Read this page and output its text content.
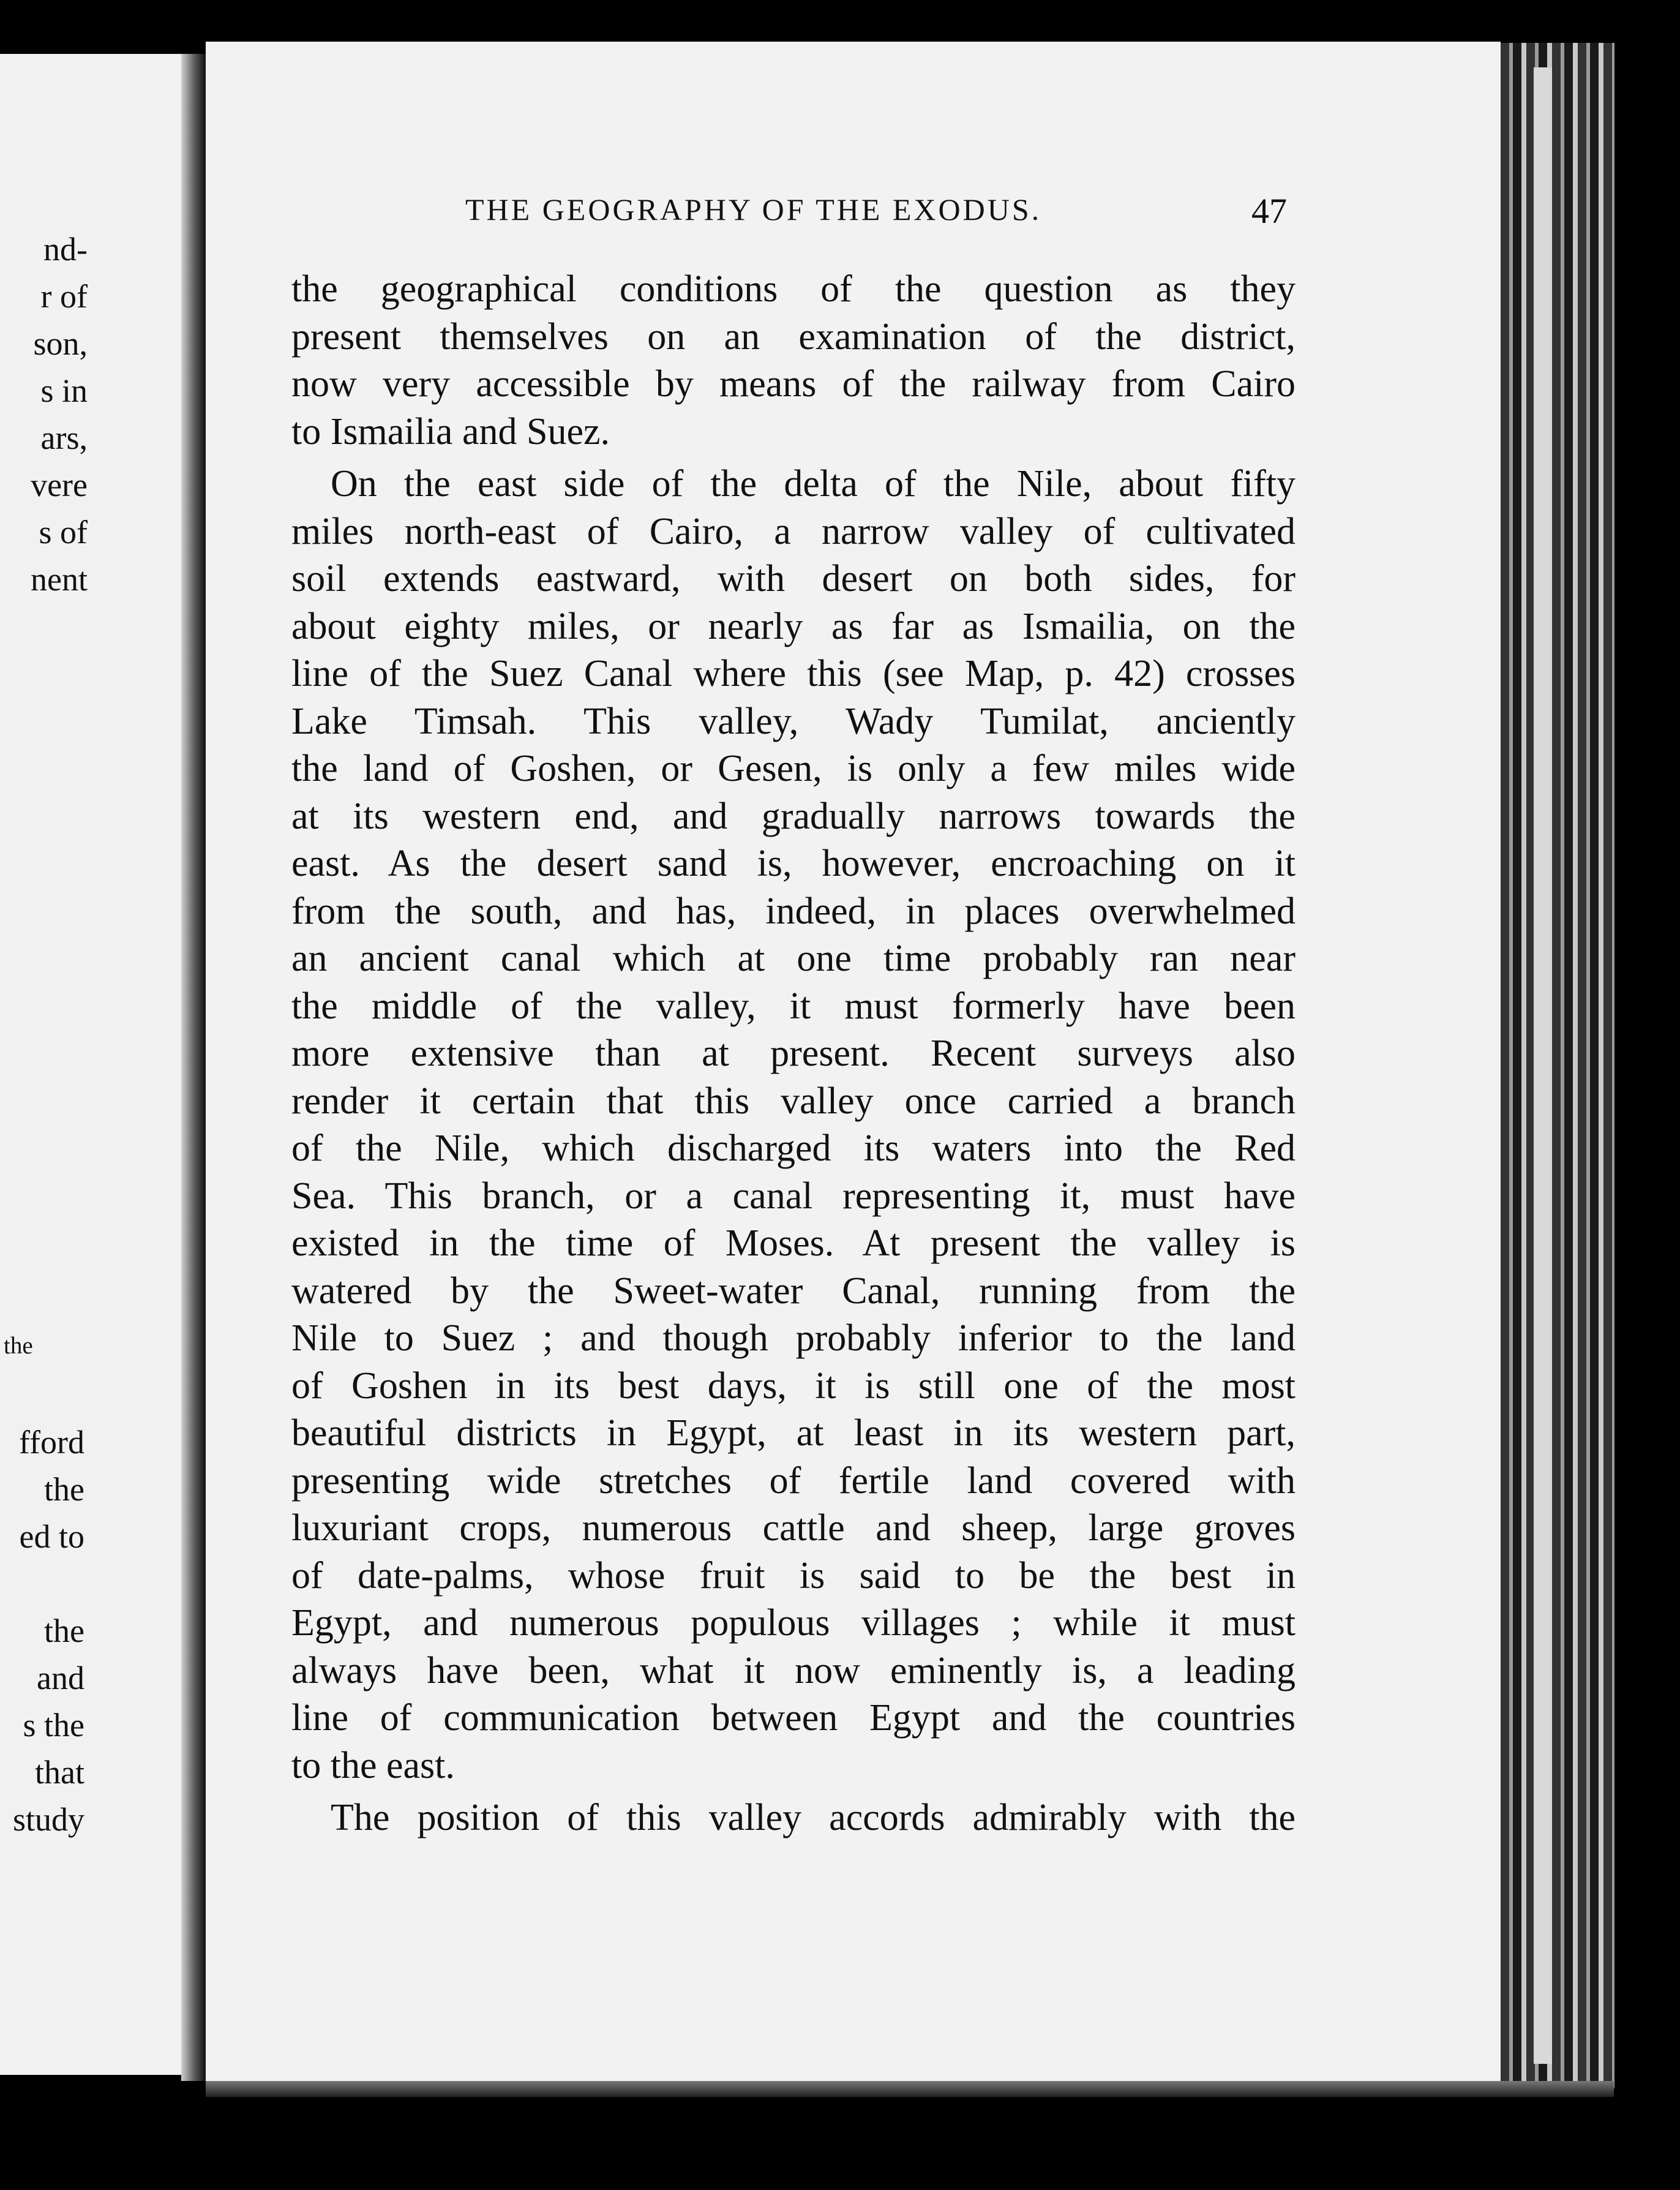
nd-
r of
son,
s in
ars,
vere
s of
nent
the
fford
the
ed to
the
and
s the
that
study
THE GEOGRAPHY OF THE EXODUS.	47
the geographical conditions of the question as they
present themselves on an examination of the district,
now very accessible by means of the railway from Cairo
to Ismailia and Suez.
On the east side of the delta of the Nile, about fifty
miles north-east of Cairo, a narrow valley of cultivated
soil extends eastward, with desert on both sides, for
about eighty miles, or nearly as far as Ismailia, on the
line of the Suez Canal where this (see Map, p. 42) crosses
Lake Timsah. This valley, Wady Tumilat, anciently
the land of Goshen, or Gesen, is only a few miles wide
at its western end, and gradually narrows towards the
east. As the desert sand is, however, encroaching on it
from the south, and has, indeed, in places overwhelmed
an ancient canal which at one time probably ran near
the middle of the valley, it must formerly have been
more extensive than at present. Recent surveys also
render it certain that this valley once carried a branch
of the Nile, which discharged its waters into the Red
Sea. This branch, or a canal representing it, must have
existed in the time of Moses. At present the valley is
watered by the Sweet-water Canal, running from the
Nile to Suez ; and though probably inferior to the land
of Goshen in its best days, it is still one of the most
beautiful districts in Egypt, at least in its western part,
presenting wide stretches of fertile land covered with
luxuriant crops, numerous cattle and sheep, large groves
of date-palms, whose fruit is said to be the best in
Egypt, and numerous populous villages ; while it must
always have been, what it now eminently is, a leading
line of communication between Egypt and the countries
to the east.
The position of this valley accords admirably with the
